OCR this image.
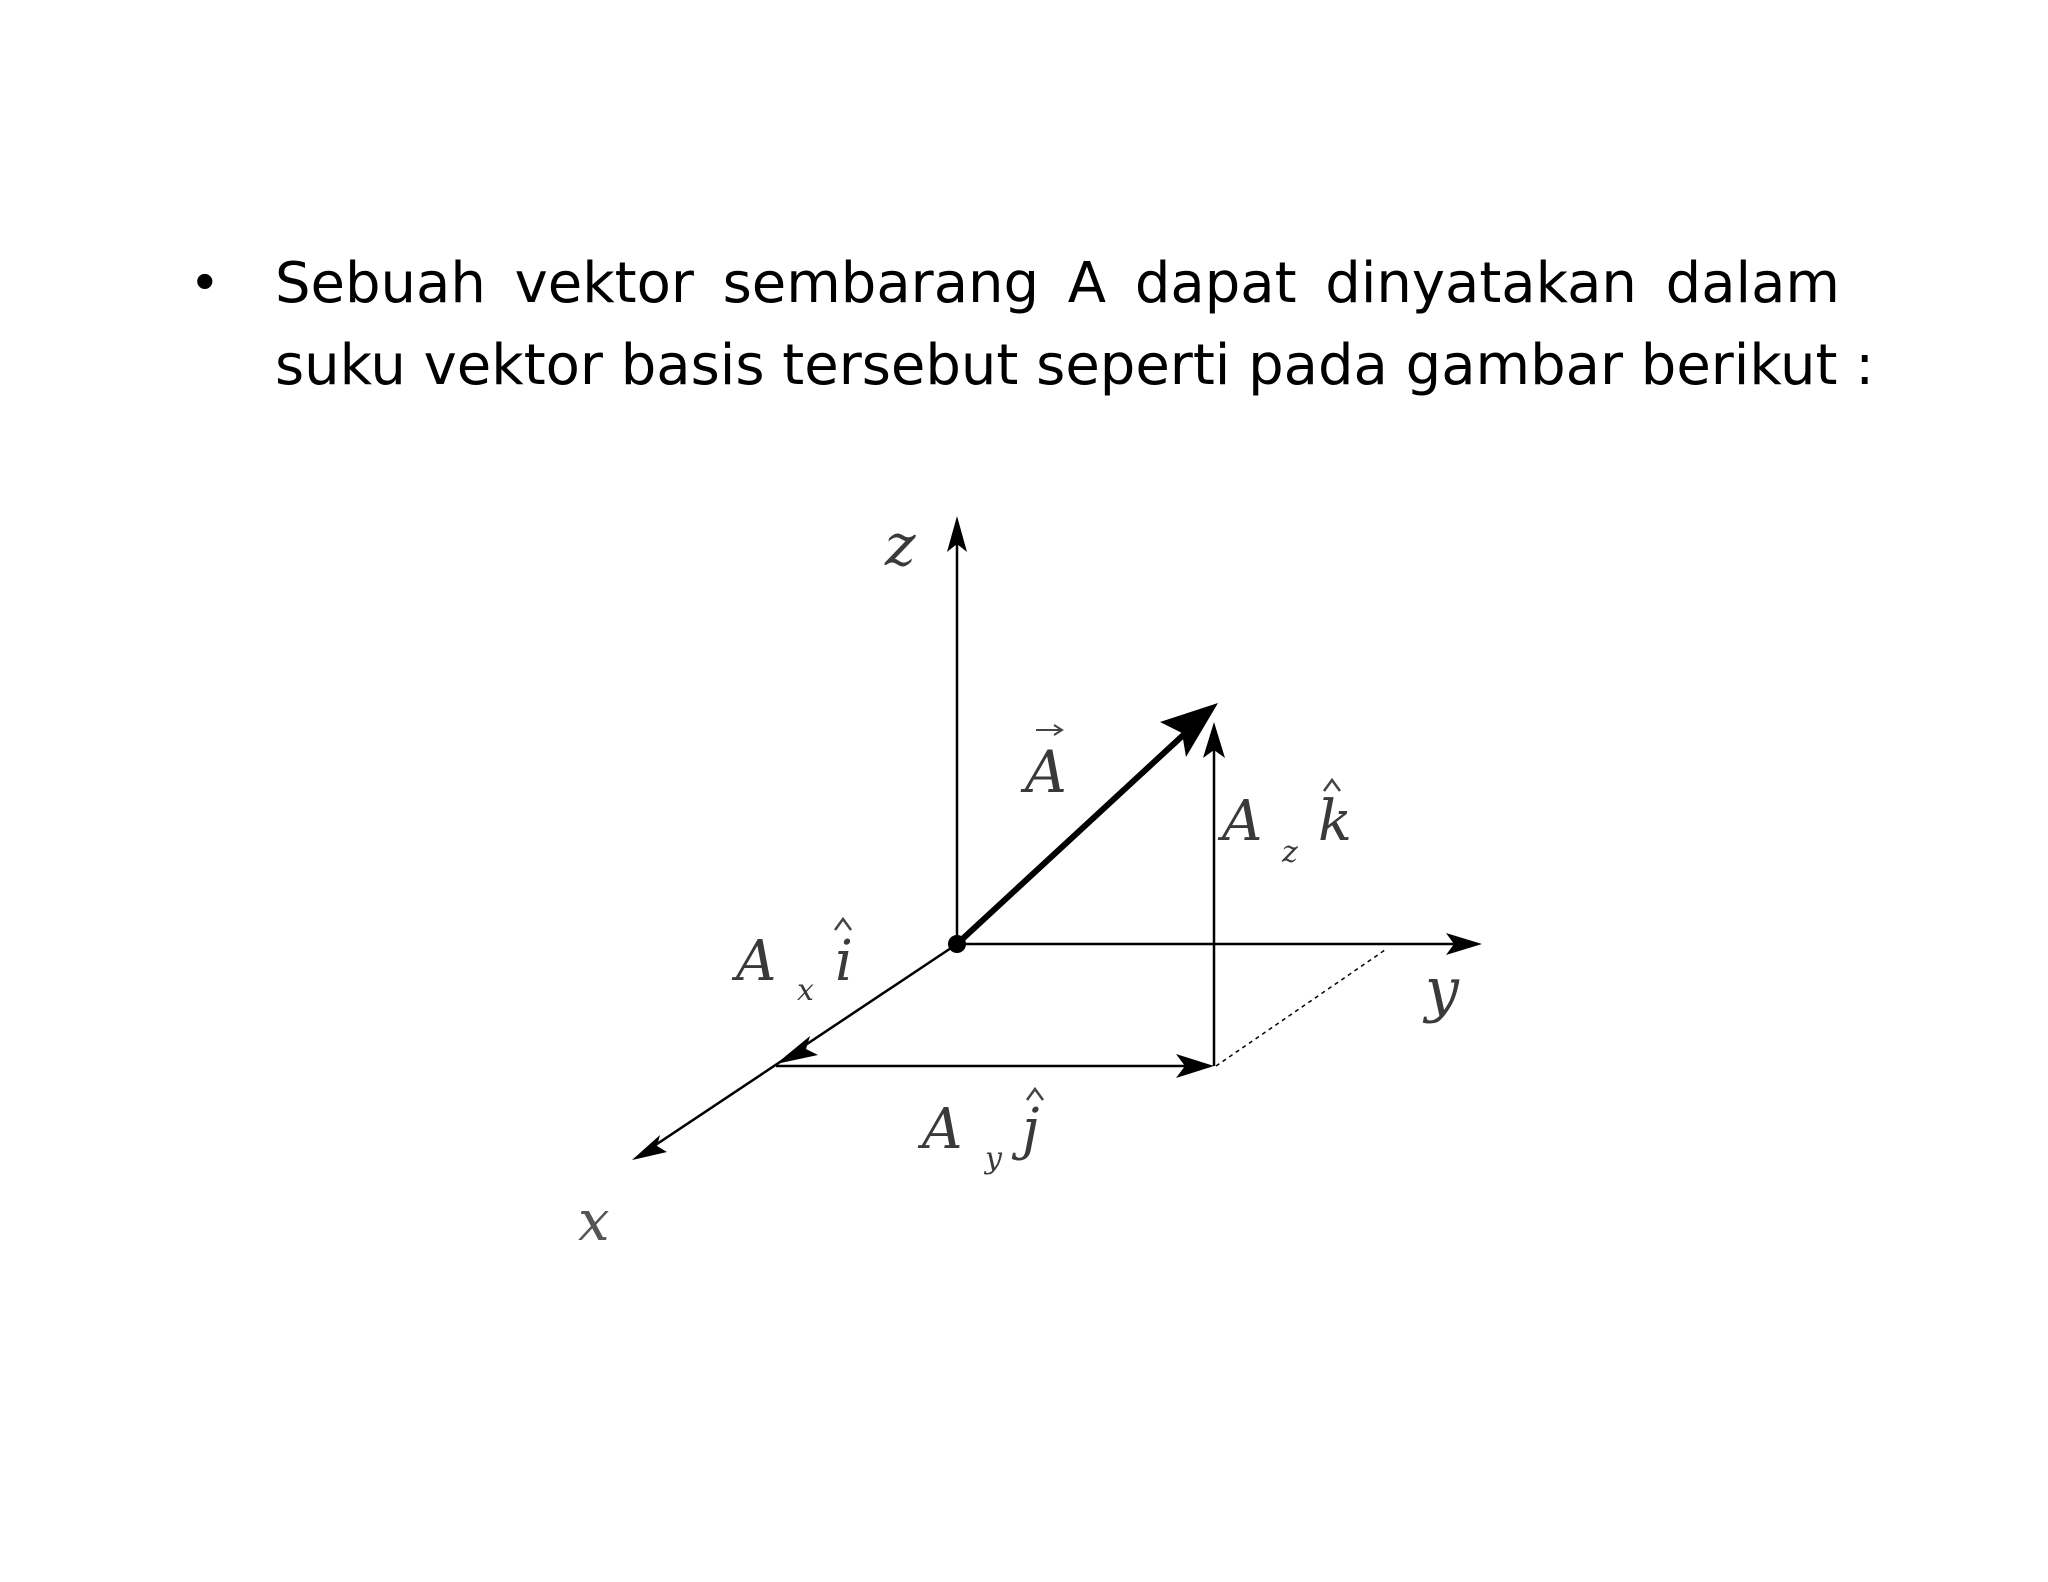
• Sebuah vektor sembarang A dapat dinyatakan dalam
suku vektor basis tersebut seperti pada gambar berikut :
z
y
x
A
A z k
A x i
A y j
